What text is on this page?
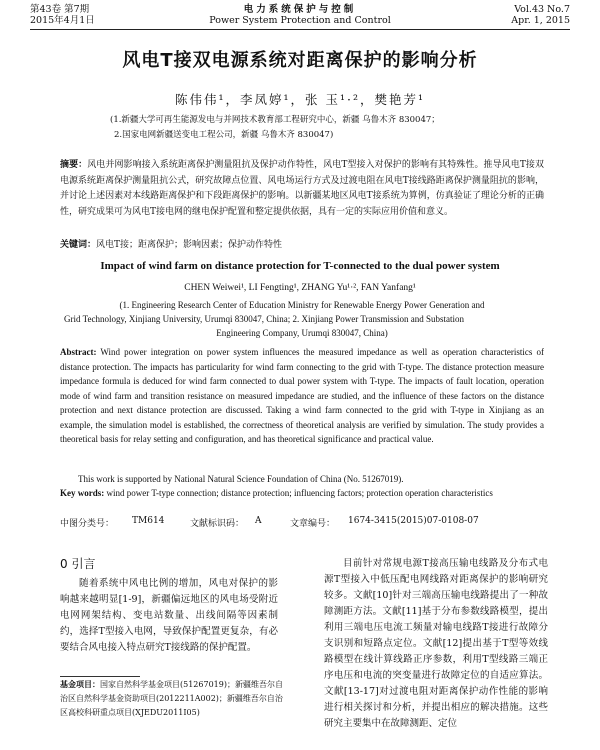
第43卷 第7期
2015年4月1日
电力系统保护与控制
Power System Protection and Control
Vol.43 No.7
Apr. 1, 2015
风电T接双电源系统对距离保护的影响分析
陈伟伟¹，李凤婷¹，张 玉¹·²，樊艳芳¹
(1.新疆大学可再生能源发电与并网技术教育部工程研究中心，新疆 乌鲁木齐 830047；
2.国家电网新疆送变电工程公司，新疆 乌鲁木齐 830047)
摘要：风电并网影响接入系统距离保护测量阻抗及保护动作特性，风电T型接入对保护的影响有其特殊性。推导风电T接双电源系统距离保护测量阻抗公式，研究故障点位置、风电场运行方式及过渡电阻在风电T接线路距离保护测量阻抗的影响，并讨论上述因素对本线路距离保护和下段距离保护的影响。以新疆某地区风电T接系统为算例，仿真验证了理论分析的正确性，研究成果可为风电T接电网的继电保护配置和整定提供依据，具有一定的实际应用价值和意义。
关键词：风电T接；距离保护；影响因素；保护动作特性
Impact of wind farm on distance protection for T-connected to the dual power system
CHEN Weiwei¹, LI Fengting¹, ZHANG Yu¹·², FAN Yanfang¹
(1. Engineering Research Center of Education Ministry for Renewable Energy Power Generation and
Grid Technology, Xinjiang University, Urumqi 830047, China; 2. Xinjiang Power Transmission and Substation
Engineering Company, Urumqi 830047, China)
Abstract: Wind power integration on power system influences the measured impedance as well as operation characteristics of distance protection. The impacts has particularity for wind farm connecting to the grid with T-type. The distance protection measure impedance formula is deduced for wind farm connected to dual power system with T-type. The impacts of fault location, operation mode of wind farm and transition resistance on measured impedance are studied, and the influence of these factors on the distance protection and next distance protection are discussed. Taking a wind farm connected to the grid with T-type in Xinjiang as an example, the simulation model is established, the correctness of theoretical analysis are verified by simulation. The study provides a theoretical basis for relay setting and configuration, and has theoretical significance and practical value.
This work is supported by National Natural Science Foundation of China (No. 51267019).
Key words: wind power T-type connection; distance protection; influencing factors; protection operation characteristics
中图分类号： TM614	文献标识码： A	文章编号： 1674-3415(2015)07-0108-07
0 引言

随着系统中风电比例的增加，风电对保护的影响越来越明显[1-9]，新疆偏远地区的风电场受附近电网网架结构、变电站数量、出线间隔等因素制约，选择T型接入电网，导致保护配置更复杂，有必要结合风电接入特点研究T接线路的保护配置。

基金项目：国家自然科学基金项目(51267019)；新疆维吾尔自治区自然科学基金资助项目(2012211A002)；新疆维吾尔自治区高校科研重点项目(XJEDU2011I05)

目前针对常规电源T接高压输电线路及分布式电源T型接入中低压配电网线路对距离保护的影响研究较多。文献[10]针对三端高压输电线路提出了一种故障测距方法。文献[11]基于分布参数线路模型，提出利用三端电压电流工频量对输电线路T接进行故障分支识别和短路点定位。文献[12]提出基于T型等效线路模型在线计算线路正序参数，利用T型线路三端正序电压和电流的突变量进行故障定位的自适应算法。文献[13-17]对过渡电阻对距离保护动作性能的影响进行相关探讨和分析，并提出相应的解决措施。这些研究主要集中在故障测距、定位
